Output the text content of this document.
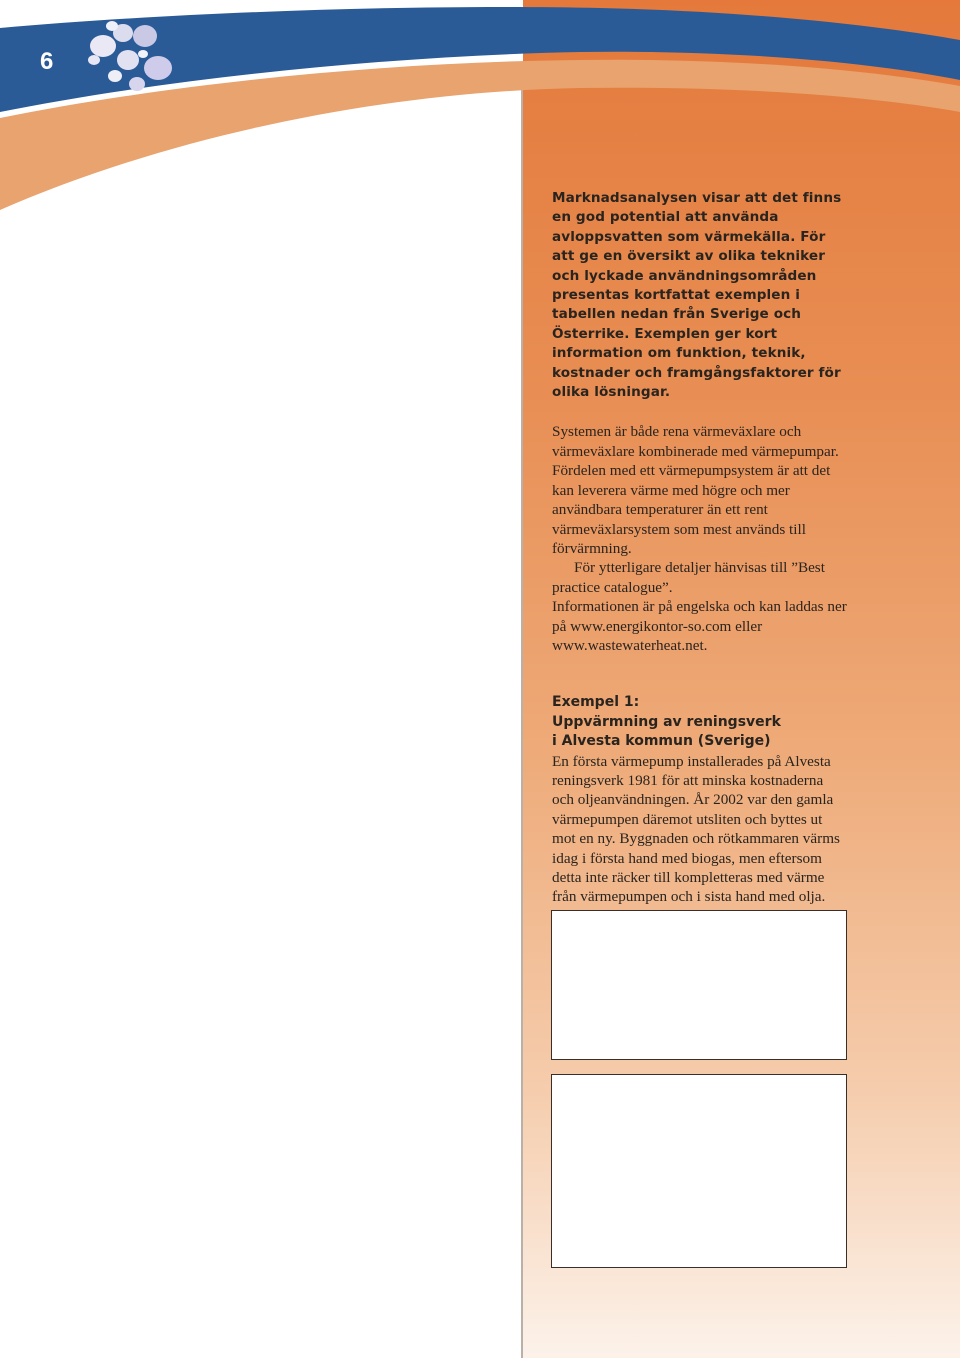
6

Marknadsanalysen visar att det finns en god potential att använda avloppsvatten som värmekälla. För att ge en översikt av olika tekniker och lyckade användningsområden presentas kortfattat exemplen i tabellen nedan från Sverige och Österrike. Exemplen ger kort information om funktion, teknik, kostnader och framgångsfaktorer för olika lösningar.

Systemen är både rena värmeväxlare och värmeväxlare kombinerade med värmepumpar. Fördelen med ett värmepumpsystem är att det kan leverera värme med högre och mer användbara temperaturer än ett rent värmeväxlarsystem som mest används till förvärmning.

För ytterligare detaljer hänvisas till ”Best practice catalogue”.

Informationen är på engelska och kan laddas ner på www.energikontor-so.com eller www.wastewaterheat.net.

Exempel 1:

Uppvärmning av reningsverk

i Alvesta kommun (Sverige)

En första värmepump installerades på Alvesta reningsverk 1981 för att minska kostnaderna och oljeanvändningen. År 2002 var den gamla värmepumpen däremot utsliten och byttes ut mot en ny. Byggnaden och rötkammaren värms idag i första hand med biogas, men eftersom detta inte räcker till kompletteras med värme från värmepumpen och i sista hand med olja.
